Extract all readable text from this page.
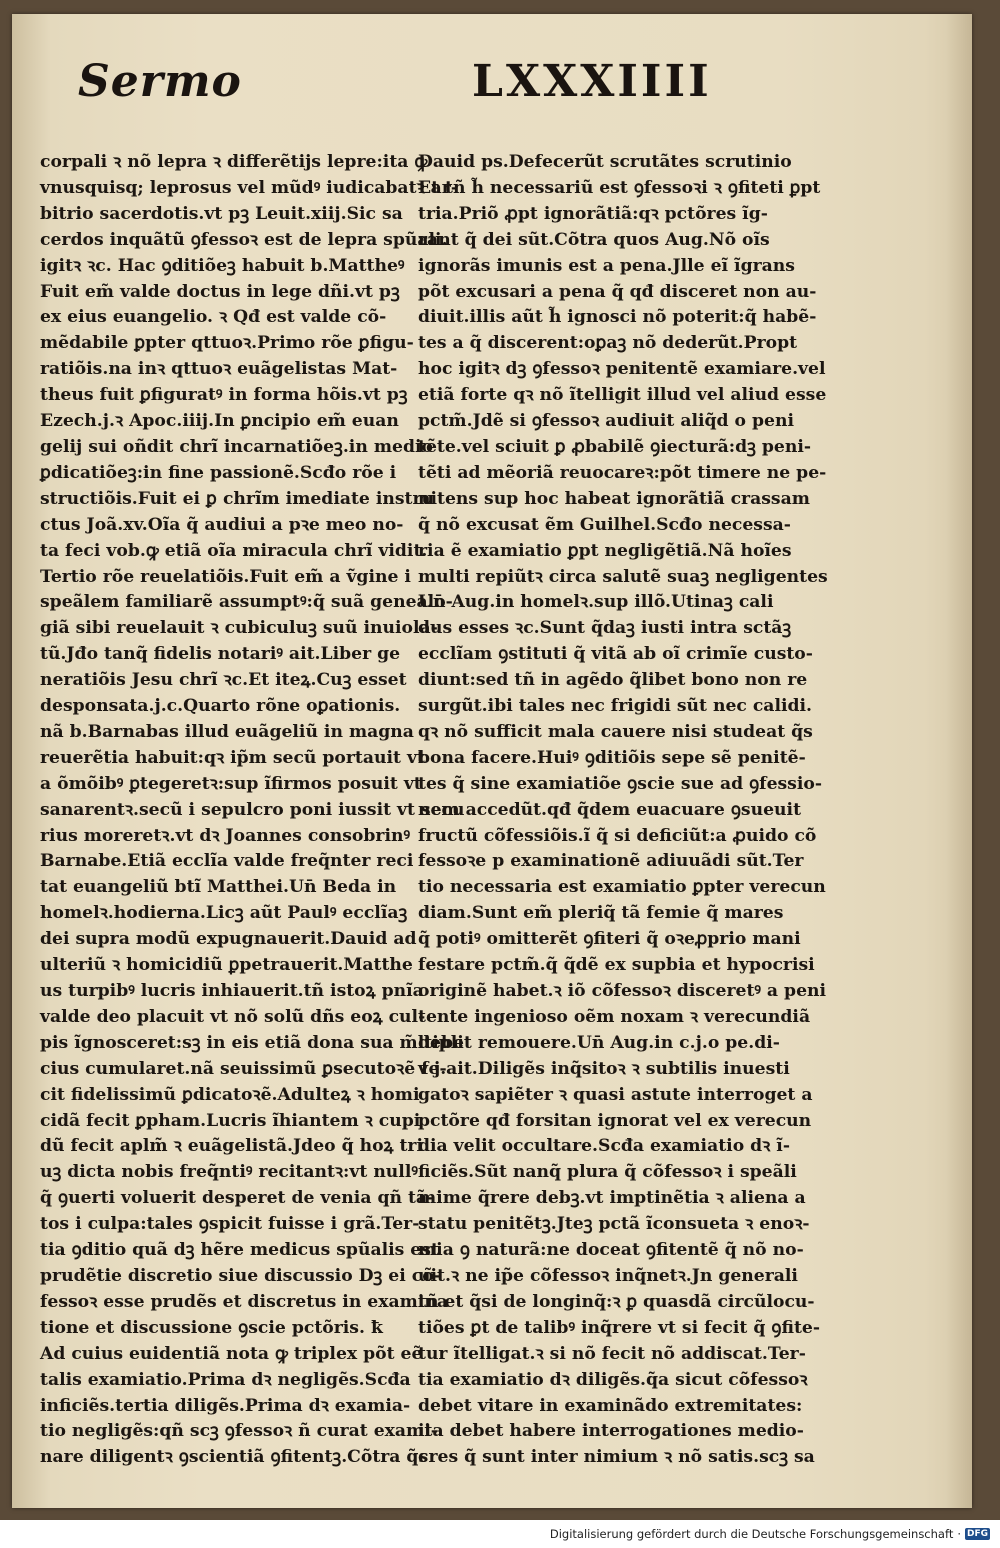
Sermo	LXXXIIII
corpali ꝛ nõ lepra ꝛ differẽtijs lepre:ita ꝙ
vnusquisq; leprosus vel mũdꝰ iudicabatꝛ ar-
bitrio sacerdotis.vt pꝫ Leuit.xiij.Sic sa
cerdos inquãtũ ꝯfessoꝛ est de lepra spũali.
igitꝛ ꝛc. Hac ꝯditiõeꝫ habuit b.Mattheꝰ
Fuit em̃ valde doctus in lege dñi.vt pꝫ
ex eius euangelio. ꝛ Qđ est valde cõ-
mẽdabile ꝑpter qttuoꝛ.Primo rõe ꝑfigu-
ratiõis.na inꝛ qttuoꝛ euãgelistas Mat-
theus fuit ꝑfiguratꝰ in forma hõis.vt pꝫ
Ezech.j.ꝛ Apoc.iiij.In ꝑncipio em̃ euan
gelij sui oñdit chrĩ incarnatiõeꝫ.in medio
ꝑdicatiõeꝫ:in fine passionẽ.Scđo rõe i
structiõis.Fuit ei ꝑ chrĩm imediate instru
ctus Joã.xv.Oĩa q̃ audiui a pꝛe meo no-
ta feci vob.ꝙ etiã oĩa miracula chrĩ vidit.
Tertio rõe reuelatiõis.Fuit em̃ a ṽgine i
speãlem familiarẽ assumptꝰ:q̃ suã genealo-
giã sibi reuelauit ꝛ cubiculuꝫ suũ inuiola-
tũ.Jđo tanq̃ fidelis notariꝰ ait.Liber ge
neratiõis Jesu chrĩ ꝛc.Et iteꝝ.Cuꝫ esset
desponsata.j.c.Quarto rõne oꝑationis.
nã b.Barnabas illud euãgeliũ in magna
reuerẽtia habuit:qꝛ ip̃m secũ portauit vt
a õmõibꝰ ꝑtegeretꝛ:sup ĩfirmos posuit vt
sanarentꝛ.secũ i sepulcro poni iussit vt secu
rius moreretꝛ.vt dꝛ Joannes consobrinꝰ
Barnabe.Etiã ecclĩa valde freq̃nter reci
tat euangeliũ btĩ Matthei.Un̄ Beda in
homelꝛ.hodierna.Licꝫ aũt Paulꝰ ecclĩaꝫ
dei supra modũ expugnauerit.Dauid ad
ulteriũ ꝛ homicidiũ ꝑpetrauerit.Matthe
us turpibꝰ lucris inhiauerit.tñ istoꝝ pnĩa
valde deo placuit vt nõ solũ dñs eoꝝ cul-
pis ĩgnosceret:sꝫ in eis etiã dona sua m̃ltipli
cius cumularet.nã seuissimũ ꝑsecutoꝛẽ fe-
cit fidelissimũ ꝑdicatoꝛẽ.Adulteꝝ ꝛ homi
cidã fecit ꝑpham.Lucris ĩhiantem ꝛ cupi
dũ fecit aplm̃ ꝛ euãgelistã.Jdeo q̃ hoꝝ tri
uꝫ dicta nobis freq̃ntiꝰ recitantꝛ:vt nullꝰ
q̃ ꝯuerti voluerit desperet de venia qñ tã-
tos i culpa:tales ꝯspicit fuisse i grã.Ter-
tia ꝯditio quã dꝫ hẽre medicus spũalis est
prudẽtie discretio siue discussio Dꝫ ei cõ-
fessoꝛ esse prudẽs et discretus in examina
tione et discussione ꝯscie pctõris. ꝁ
Ad cuius euidentiã nota ꝙ triplex põt eẽ
talis examiatio.Prima dꝛ negligẽs.Scđa
inficiẽs.tertia diligẽs.Prima dꝛ examia-
tio negligẽs:qñ scꝫ ꝯfessoꝛ ñ curat exami-
nare diligentꝛ ꝯscientiã ꝯfitentꝫ.Cõtra q̃s
Dauid ps.Defecerũt scrutãtes scrutinio
Et tñ h̃ necessariũ est ꝯfessoꝛi ꝛ ꝯfiteti ꝑpt
tria.Priõ ꝓpt ignorãtiã:qꝛ pctõres ĩg-
rant q̃ dei sũt.Cõtra quos Aug.Nõ oĩs
ignorãs imunis est a pena.Jlle eĩ ĩgrans
põt excusari a pena q̃ qđ disceret non au-
diuit.illis aũt h̃ ignosci nõ poterit:q̃ habẽ-
tes a q̃ discerent:oꝑaꝫ nõ dederũt.Propt
hoc igitꝛ dꝫ ꝯfessoꝛ penitentẽ examiare.vel
etiã forte qꝛ nõ ĩtelligit illud vel aliud esse
pctm̃.Jdẽ si ꝯfessoꝛ audiuit aliq̃d o peni
tẽte.vel sciuit ꝑ ꝓbabilẽ ꝯiecturã:dꝫ peni-
tẽti ad mẽoriã reuocareꝛ:põt timere ne pe-
nitens sup hoc habeat ignorãtiã crassam
q̃ nõ excusat ẽm Guilhel.Scđo necessa-
ria ẽ examiatio ꝑpt negligẽtiã.Nã hoĩes
multi repiũtꝛ circa salutẽ suaꝫ negligentes
Un̄ Aug.in homelꝛ.sup illõ.Utinaꝫ cali
dus esses ꝛc.Sunt q̃daꝫ iusti intra sctãꝫ
ecclĩam ꝯstituti q̃ vitã ab oĩ crimĩe custo-
diunt:sed tñ in agẽdo q̃libet bono non re
surgũt.ibi tales nec frigidi sũt nec calidi.
qꝛ nõ sufficit mala cauere nisi studeat q̃s
bona facere.Huiꝰ ꝯditiõis sepe sẽ penitẽ-
tes q̃ sine examiatiõe ꝯscie sue ad ꝯfessio-
nem accedũt.qđ q̃dem euacuare ꝯsueuit
fructũ cõfessiõis.ĩ q̃ si deficiũt:a ꝓuido cõ
fessoꝛe p examinationẽ adiuuãdi sũt.Ter
tio necessaria est examiatio ꝑpter verecun
diam.Sunt em̃ pleriq̃ tã femie q̃ mares
q̃ potiꝰ omitterẽt ꝯfiteri q̃ oꝛeꝓprio mani
festare pctm̃.q̃ q̃dẽ ex supbia et hypocrisi
originẽ habet.ꝛ iõ cõfessoꝛ disceretꝰ a peni
tente ingenioso oẽm noxam ꝛ verecundiã
debet remouere.Un̄ Aug.in c.j.o pe.di-
v j.ait.Diligẽs inq̃sitoꝛ ꝛ subtilis inuesti
gatoꝛ sapiẽter ꝛ quasi astute interroget a
pctõre qđ forsitan ignorat vel ex verecun
dia velit occultare.Scđa examiatio dꝛ ĩ-
ficiẽs.Sũt nanq̃ plura q̃ cõfessoꝛ i speãli
mime q̃rere debꝫ.vt imptinẽtia ꝛ aliena a
statu penitẽtꝫ.Jteꝫ pctã ĩconsueta ꝛ enoꝛ-
mia ꝯ naturã:ne doceat ꝯfitentẽ q̃ nõ no-
uit.ꝛ ne ip̃e cõfessoꝛ inq̃netꝛ.Jn generali
tñ et q̃si de longinq̃:ꝛ ꝑ quasdã circũlocu-
tiões ꝑt de talibꝰ inq̃rere vt si fecit q̃ ꝯfite-
tur ĩtelligat.ꝛ si nõ fecit nõ addiscat.Ter-
tia examiatio dꝛ diligẽs.q̃a sicut cõfessoꝛ
debet vitare in examinãdo extremitates:
ita debet habere interrogationes medio-
cres q̃ sunt inter nimium ꝛ nõ satis.scꝫ sa
Digitalisierung gefördert durch die Deutsche Forschungsgemeinschaft · DFG
